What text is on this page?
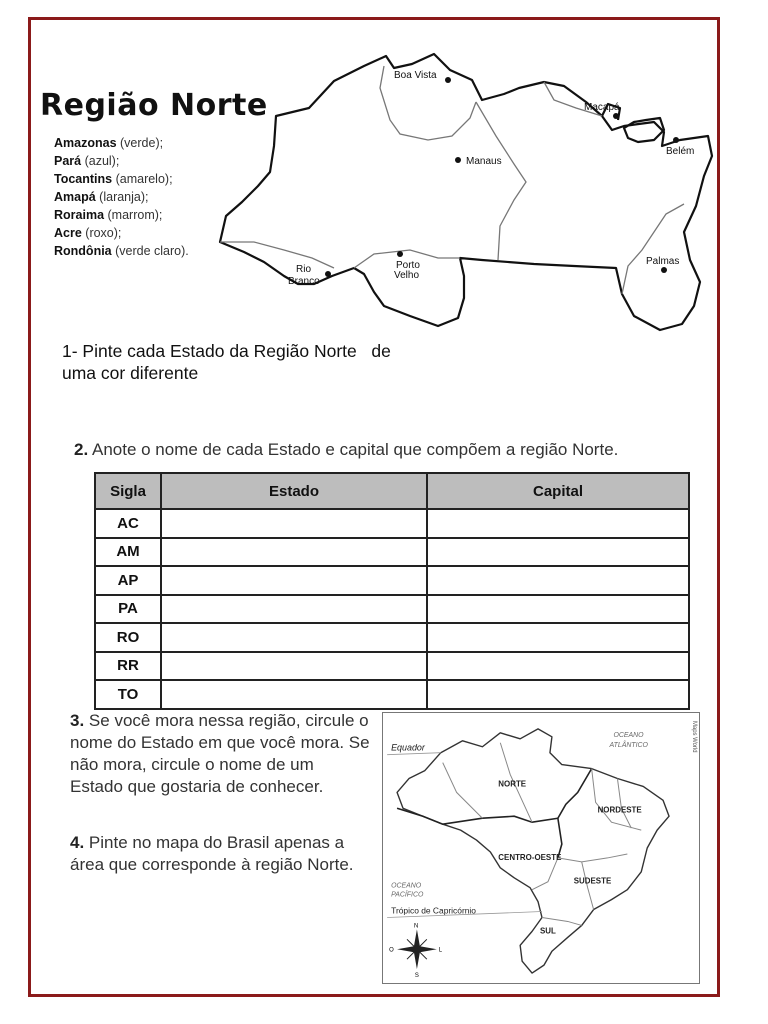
Região Norte
Amazonas (verde);
Pará (azul);
Tocantins (amarelo);
Amapá (laranja);
Roraima (marrom);
Acre (roxo);
Rondônia (verde claro).
Boa Vista
Macapá
Manaus
Belém
Porto
Velho
Rio
Branco
Palmas
1- Pinte cada Estado da Região Norte   de
uma cor diferente
2. Anote o nome de cada Estado e capital que compõem a região Norte.
Sigla	Estado	Capital
AC		
AM		
AP		
PA		
RO		
RR		
TO		
3. Se você mora nessa região, circule o nome do Estado em que você mora. Se não mora, circule o nome de um Estado que gostaria de conhecer.
4. Pinte no mapa do Brasil apenas a área que corresponde à região Norte.
Equador
OCEANO
ATLÂNTICO
OCEANO
PACÍFICO
Trópico de Capricórnio
NORTE
NORDESTE
CENTRO-OESTE
SUDESTE
SUL
Maps World
N
S
L
O
